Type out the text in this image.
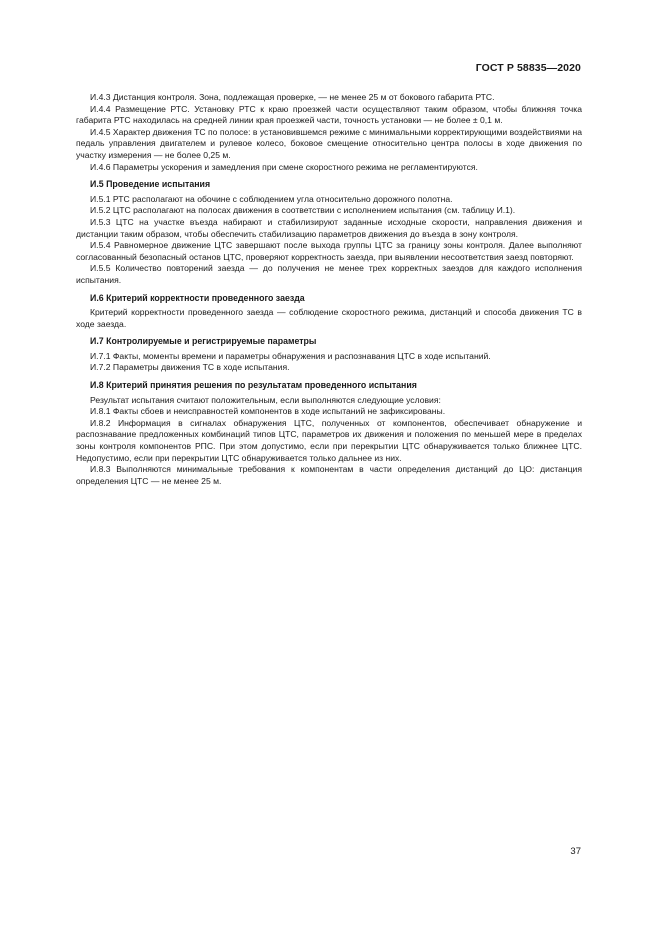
ГОСТ Р 58835—2020

И.4.3 Дистанция контроля. Зона, подлежащая проверке, — не менее 25 м от бокового габарита РТС.

И.4.4 Размещение РТС. Установку РТС к краю проезжей части осуществляют таким образом, чтобы ближняя точка габарита РТС находилась на средней линии края проезжей части, точность установки — не более ± 0,1 м.

И.4.5 Характер движения ТС по полосе: в установившемся режиме с минимальными корректирующими воздействиями на педаль управления двигателем и рулевое колесо, боковое смещение относительно центра полосы в ходе движения по участку измерения — не более 0,25 м.

И.4.6 Параметры ускорения и замедления при смене скоростного режима не регламентируются.

И.5 Проведение испытания

И.5.1 РТС располагают на обочине с соблюдением угла относительно дорожного полотна.

И.5.2 ЦТС располагают на полосах движения в соответствии с исполнением испытания (см. таблицу И.1).

И.5.3 ЦТС на участке въезда набирают и стабилизируют заданные исходные скорости, направления движения и дистанции таким образом, чтобы обеспечить стабилизацию параметров движения до въезда в зону контроля.

И.5.4 Равномерное движение ЦТС завершают после выхода группы ЦТС за границу зоны контроля. Далее выполняют согласованный безопасный останов ЦТС, проверяют корректность заезда, при выявлении несоответствия заезд повторяют.

И.5.5 Количество повторений заезда — до получения не менее трех корректных заездов для каждого исполнения испытания.

И.6 Критерий корректности проведенного заезда

Критерий корректности проведенного заезда — соблюдение скоростного режима, дистанций и способа движения ТС в ходе заезда.

И.7 Контролируемые и регистрируемые параметры

И.7.1 Факты, моменты времени и параметры обнаружения и распознавания ЦТС в ходе испытаний.

И.7.2 Параметры движения ТС в ходе испытания.

И.8 Критерий принятия решения по результатам проведенного испытания

Результат испытания считают положительным, если выполняются следующие условия:

И.8.1 Факты сбоев и неисправностей компонентов в ходе испытаний не зафиксированы.

И.8.2 Информация в сигналах обнаружения ЦТС, полученных от компонентов, обеспечивает обнаружение и распознавание предложенных комбинаций типов ЦТС, параметров их движения и положения по меньшей мере в пределах зоны контроля компонентов РПС. При этом допустимо, если при перекрытии ЦТС обнаруживается только ближнее ЦТС. Недопустимо, если при перекрытии ЦТС обнаруживается только дальнее из них.

И.8.3 Выполняются минимальные требования к компонентам в части определения дистанций до ЦО: дистанция определения ЦТС — не менее 25 м.

37
